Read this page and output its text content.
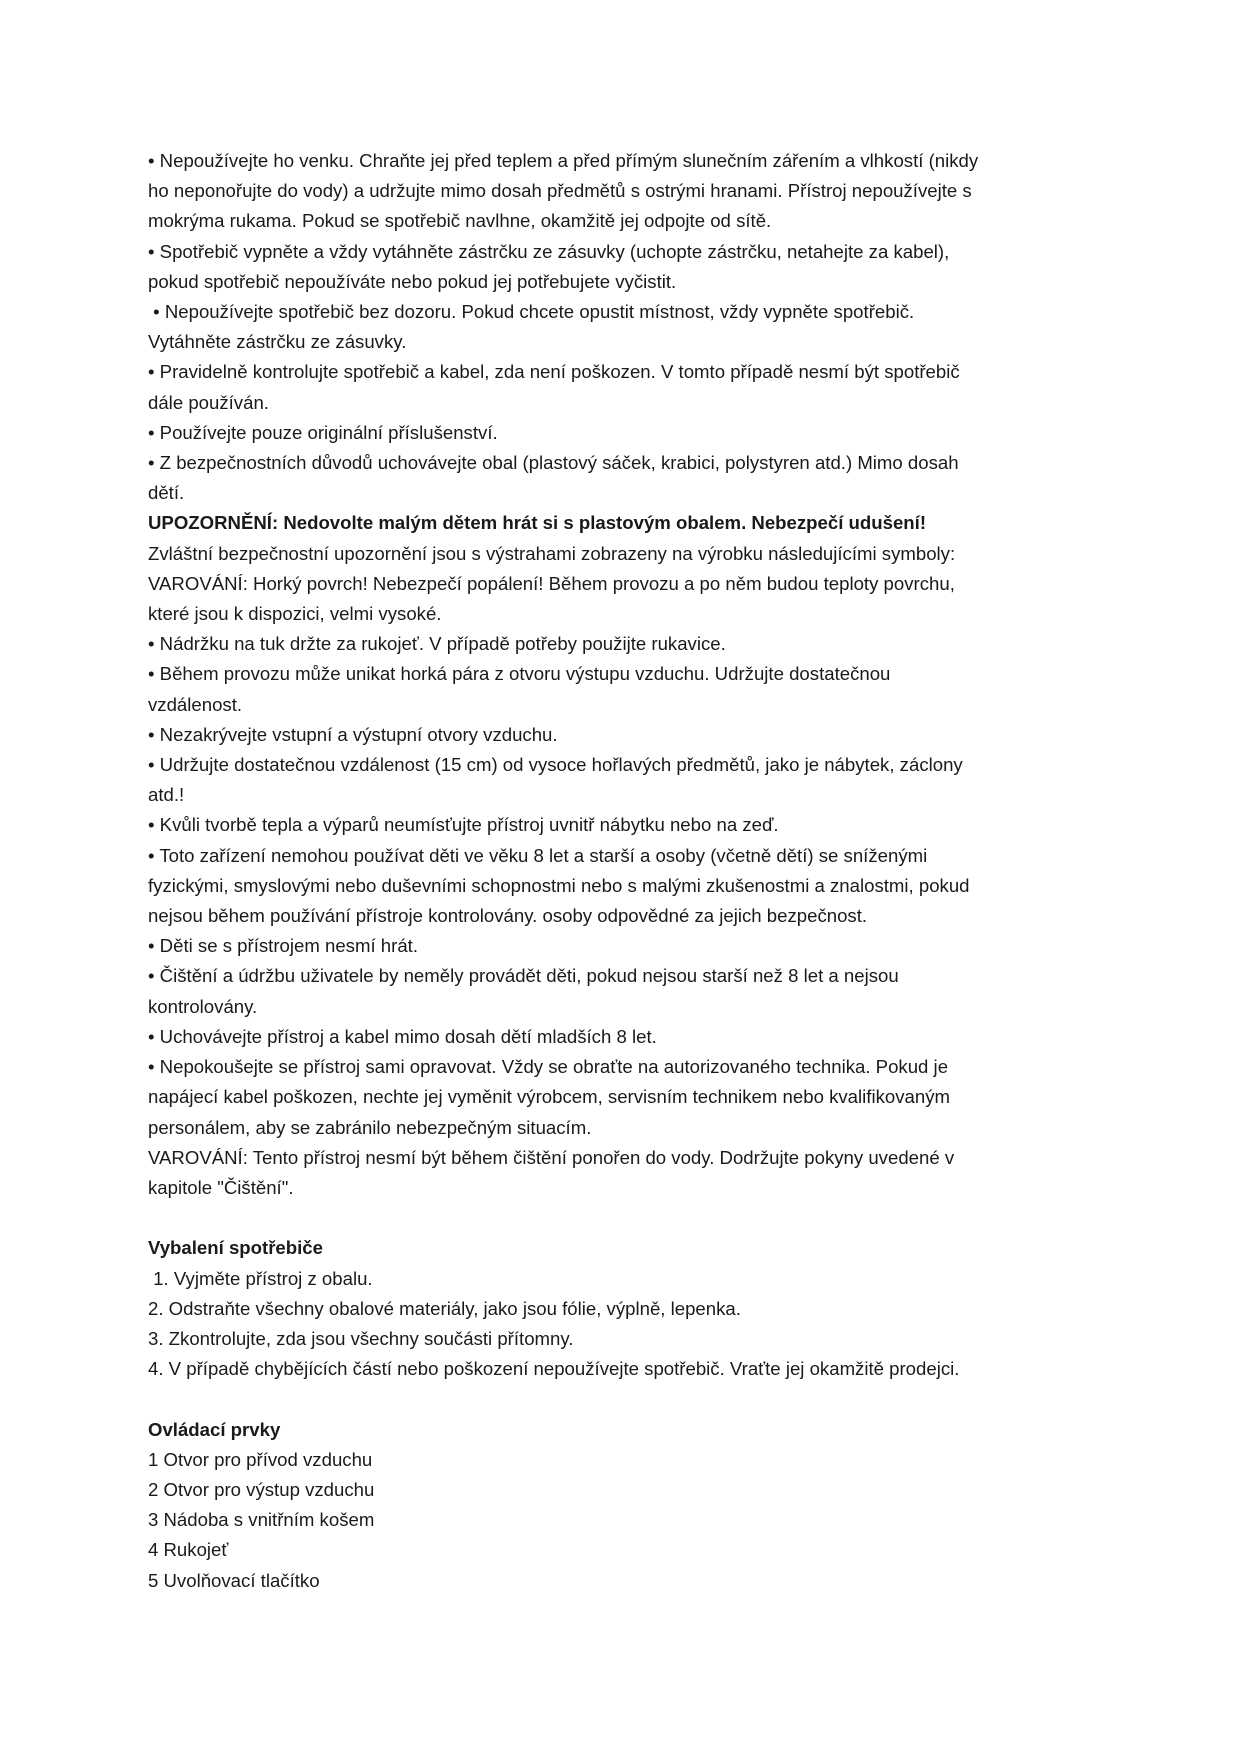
• Nepoužívejte ho venku. Chraňte jej před teplem a před přímým slunečním zářením a vlhkostí (nikdy

ho neponořujte do vody) a udržujte mimo dosah předmětů s ostrými hranami. Přístroj nepoužívejte s

mokrýma rukama. Pokud se spotřebič navlhne, okamžitě jej odpojte od sítě.

• Spotřebič vypněte a vždy vytáhněte zástrčku ze zásuvky (uchopte zástrčku, netahejte za kabel),

pokud spotřebič nepoužíváte nebo pokud jej potřebujete vyčistit.

• Nepoužívejte spotřebič bez dozoru. Pokud chcete opustit místnost, vždy vypněte spotřebič.

Vytáhněte zástrčku ze zásuvky.

• Pravidelně kontrolujte spotřebič a kabel, zda není poškozen. V tomto případě nesmí být spotřebič

dále používán.

• Používejte pouze originální příslušenství.

• Z bezpečnostních důvodů uchovávejte obal (plastový sáček, krabici, polystyren atd.) Mimo dosah

dětí.

UPOZORNĚNÍ: Nedovolte malým dětem hrát si s plastovým obalem. Nebezpečí udušení!

Zvláštní bezpečnostní upozornění jsou s výstrahami zobrazeny na výrobku následujícími symboly:

VAROVÁNÍ: Horký povrch! Nebezpečí popálení! Během provozu a po něm budou teploty povrchu,

které jsou k dispozici, velmi vysoké.

• Nádržku na tuk držte za rukojeť. V případě potřeby použijte rukavice.

• Během provozu může unikat horká pára z otvoru výstupu vzduchu. Udržujte dostatečnou

vzdálenost.

• Nezakrývejte vstupní a výstupní otvory vzduchu.

• Udržujte dostatečnou vzdálenost (15 cm) od vysoce hořlavých předmětů, jako je nábytek, záclony

atd.!

• Kvůli tvorbě tepla a výparů neumísťujte přístroj uvnitř nábytku nebo na zeď.

• Toto zařízení nemohou používat děti ve věku 8 let a starší a osoby (včetně dětí) se sníženými

fyzickými, smyslovými nebo duševními schopnostmi nebo s malými zkušenostmi a znalostmi, pokud

nejsou během používání přístroje kontrolovány. osoby odpovědné za jejich bezpečnost.

• Děti se s přístrojem nesmí hrát.

• Čištění a údržbu uživatele by neměly provádět děti, pokud nejsou starší než 8 let a nejsou

kontrolovány.

• Uchovávejte přístroj a kabel mimo dosah dětí mladších 8 let.

• Nepokoušejte se přístroj sami opravovat. Vždy se obraťte na autorizovaného technika. Pokud je

napájecí kabel poškozen, nechte jej vyměnit výrobcem, servisním technikem nebo kvalifikovaným

personálem, aby se zabránilo nebezpečným situacím.

VAROVÁNÍ: Tento přístroj nesmí být během čištění ponořen do vody. Dodržujte pokyny uvedené v

kapitole "Čištění".

Vybalení spotřebiče

1. Vyjměte přístroj z obalu.

2. Odstraňte všechny obalové materiály, jako jsou fólie, výplně, lepenka.

3. Zkontrolujte, zda jsou všechny součásti přítomny.

4. V případě chybějících částí nebo poškození nepoužívejte spotřebič. Vraťte jej okamžitě prodejci.

Ovládací prvky

1 Otvor pro přívod vzduchu

2 Otvor pro výstup vzduchu

3 Nádoba s vnitřním košem

4 Rukojeť

5 Uvolňovací tlačítko
